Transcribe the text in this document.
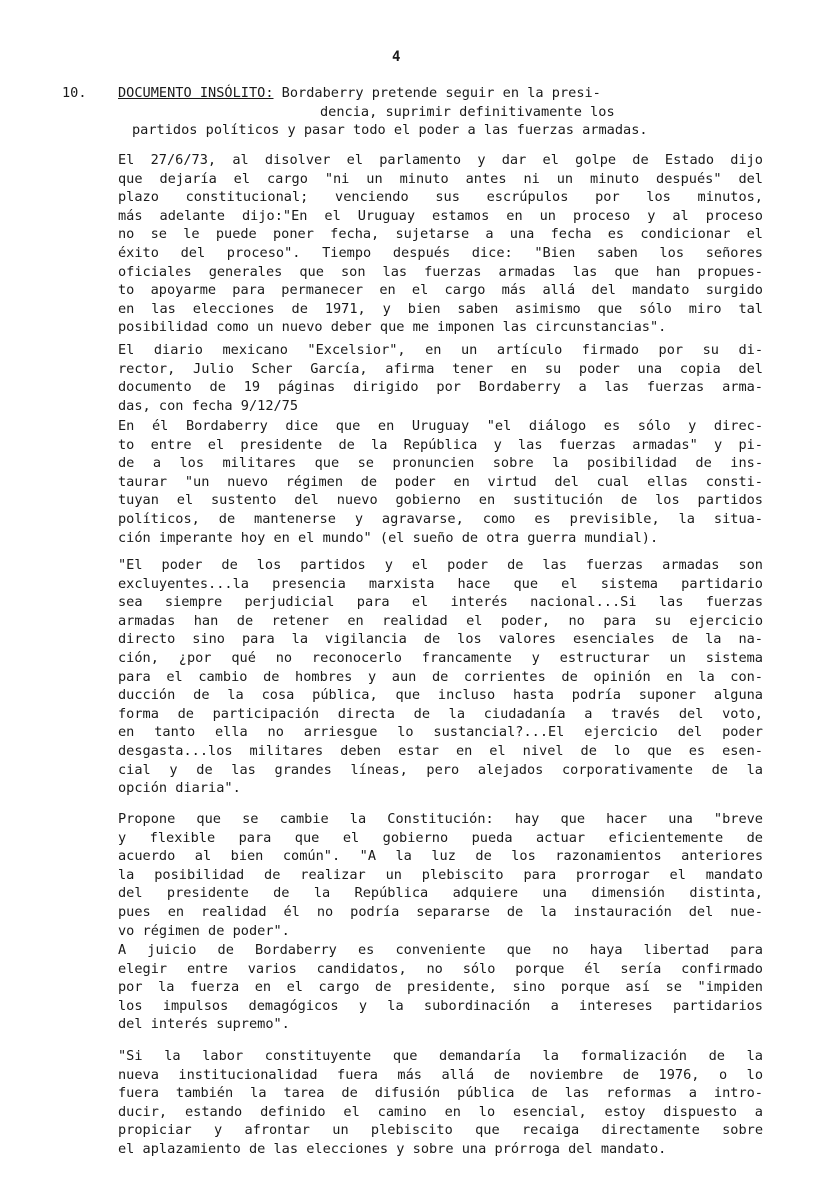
4
10. DOCUMENTO INSÓLITO: Bordaberry pretende seguir en la presi-
dencia, suprimir definitivamente los
partidos políticos y pasar todo el poder a las fuerzas armadas.
El 27/6/73, al disolver el parlamento y dar el golpe de Estado dijo
que dejaría el cargo "ni un minuto antes ni un minuto después" del
plazo constitucional; venciendo sus escrúpulos por los minutos,
más adelante dijo:"En el Uruguay estamos en un proceso y al proceso
no se le puede poner fecha, sujetarse a una fecha es condicionar el
éxito del proceso". Tiempo después dice: "Bien saben los señores
oficiales generales que son las fuerzas armadas las que han propues-
to apoyarme para permanecer en el cargo más allá del mandato surgido
en las elecciones de 1971, y bien saben asimismo que sólo miro tal
posibilidad como un nuevo deber que me imponen las circunstancias".
El diario mexicano "Excelsior", en un artículo firmado por su di-
rector, Julio Scher García, afirma tener en su poder una copia del
documento de 19 páginas dirigido por Bordaberry a las fuerzas arma-
das, con fecha 9/12/75
En él Bordaberry dice que en Uruguay "el diálogo es sólo y direc-
to entre el presidente de la República y las fuerzas armadas" y pi-
de a los militares que se pronuncien sobre la posibilidad de ins-
taurar "un nuevo régimen de poder en virtud del cual ellas consti-
tuyan el sustento del nuevo gobierno en sustitución de los partidos
políticos, de mantenerse y agravarse, como es previsible, la situa-
ción imperante hoy en el mundo" (el sueño de otra guerra mundial).
"El poder de los partidos y el poder de las fuerzas armadas son
excluyentes...la presencia marxista hace que el sistema partidario
sea siempre perjudicial para el interés nacional...Si las fuerzas
armadas han de retener en realidad el poder, no para su ejercicio
directo sino para la vigilancia de los valores esenciales de la na-
ción, ¿por qué no reconocerlo francamente y estructurar un sistema
para el cambio de hombres y aun de corrientes de opinión en la con-
ducción de la cosa pública, que incluso hasta podría suponer alguna
forma de participación directa de la ciudadanía a través del voto,
en tanto ella no arriesgue lo sustancial?...El ejercicio del poder
desgasta...los militares deben estar en el nivel de lo que es esen-
cial y de las grandes líneas, pero alejados corporativamente de la
opción diaria".
Propone que se cambie la Constitución: hay que hacer una "breve
y flexible para que el gobierno pueda actuar eficientemente de
acuerdo al bien común". "A la luz de los razonamientos anteriores
la posibilidad de realizar un plebiscito para prorrogar el mandato
del presidente de la República adquiere una dimensión distinta,
pues en realidad él no podría separarse de la instauración del nue-
vo régimen de poder".
A juicio de Bordaberry es conveniente que no haya libertad para
elegir entre varios candidatos, no sólo porque él sería confirmado
por la fuerza en el cargo de presidente, sino porque así se "impiden
los impulsos demagógicos y la subordinación a intereses partidarios
del interés supremo".
"Si la labor constituyente que demandaría la formalización de la
nueva institucionalidad fuera más allá de noviembre de 1976, o lo
fuera también la tarea de difusión pública de las reformas a intro-
ducir, estando definido el camino en lo esencial, estoy dispuesto a
propiciar y afrontar un plebiscito que recaiga directamente sobre
el aplazamiento de las elecciones y sobre una prórroga del mandato.
